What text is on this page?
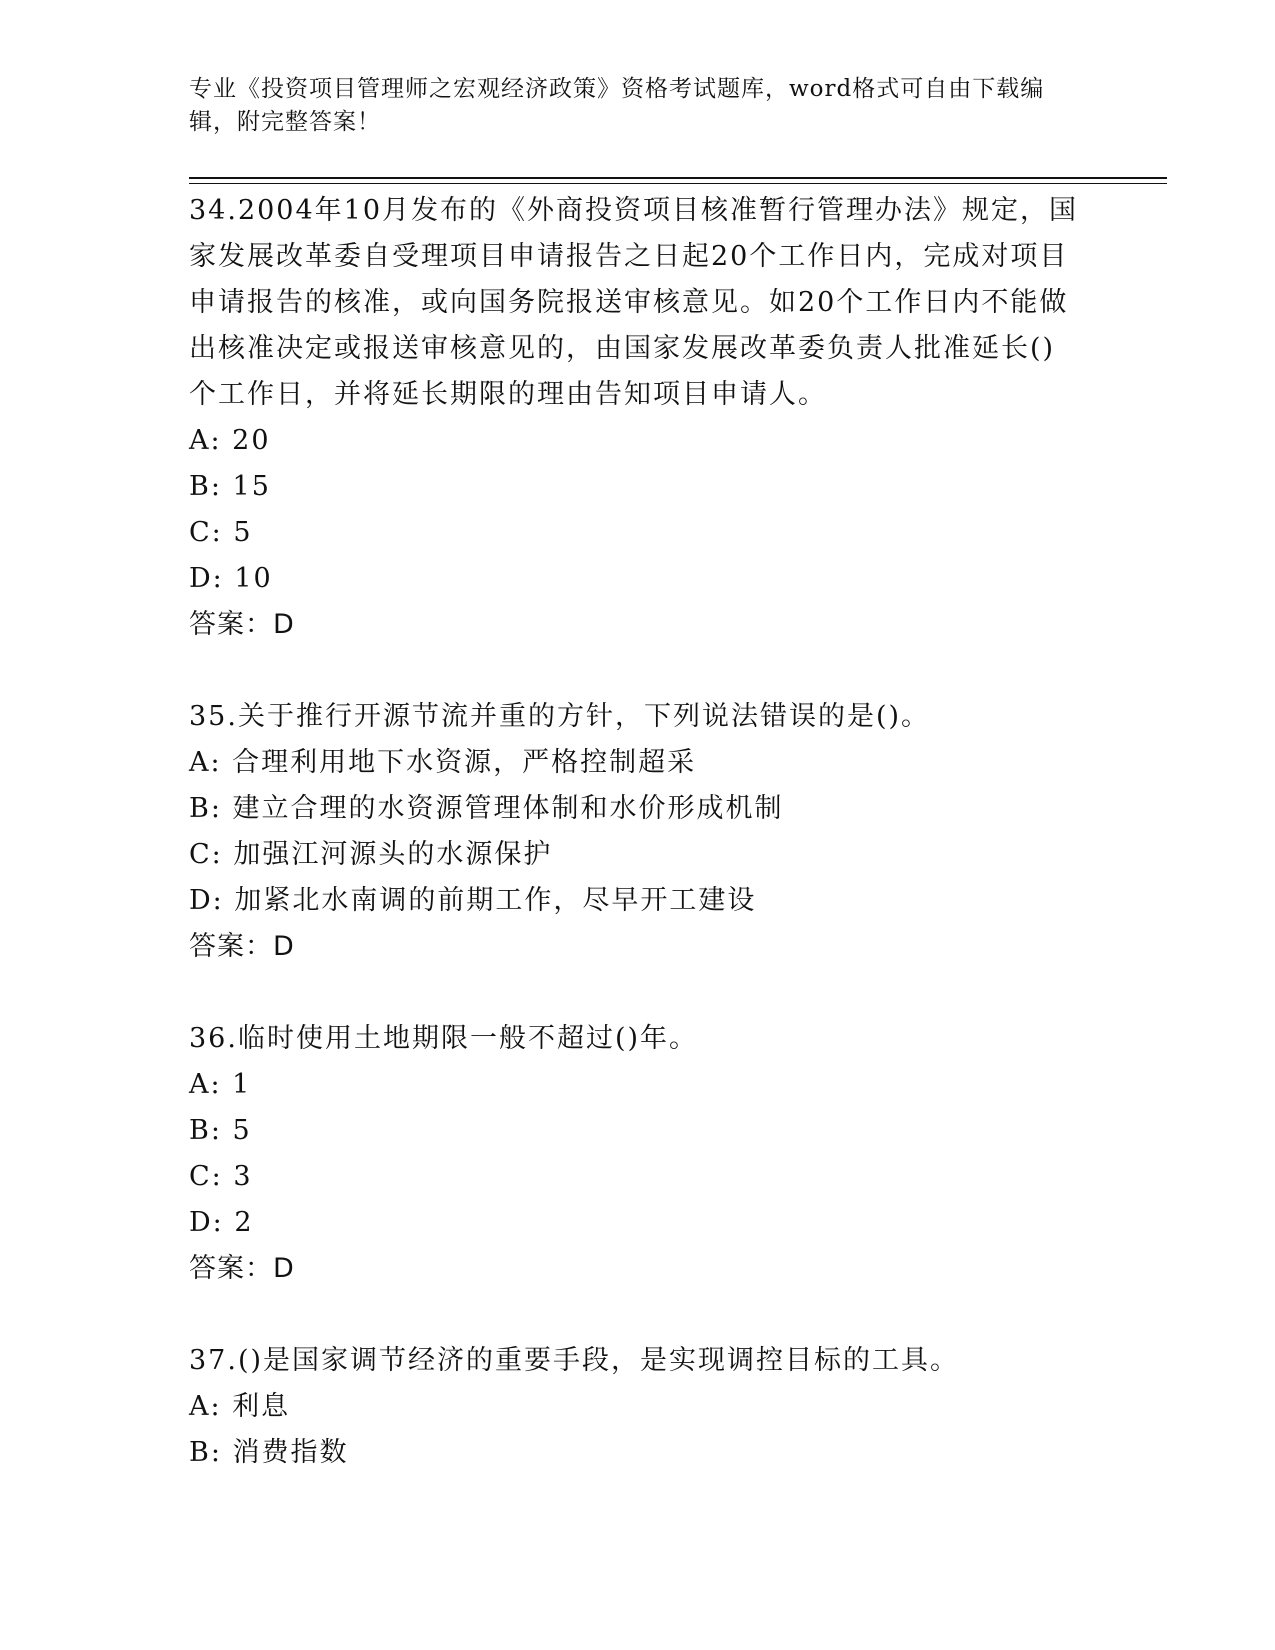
专业《投资项目管理师之宏观经济政策》资格考试题库，word格式可自由下载编
辑，附完整答案！

34.2004年10月发布的《外商投资项目核准暂行管理办法》规定，国

家发展改革委自受理项目申请报告之日起20个工作日内，完成对项目

申请报告的核准，或向国务院报送审核意见。如20个工作日内不能做

出核准决定或报送审核意见的，由国家发展改革委负责人批准延长()

个工作日，并将延长期限的理由告知项目申请人。

A: 20

B: 15

C: 5

D: 10

答案：D

35.关于推行开源节流并重的方针，下列说法错误的是()。

A: 合理利用地下水资源，严格控制超采

B: 建立合理的水资源管理体制和水价形成机制

C: 加强江河源头的水源保护

D: 加紧北水南调的前期工作，尽早开工建设

答案：D

36.临时使用土地期限一般不超过()年。

A: 1

B: 5

C: 3

D: 2

答案：D

37.()是国家调节经济的重要手段，是实现调控目标的工具。

A: 利息

B: 消费指数
